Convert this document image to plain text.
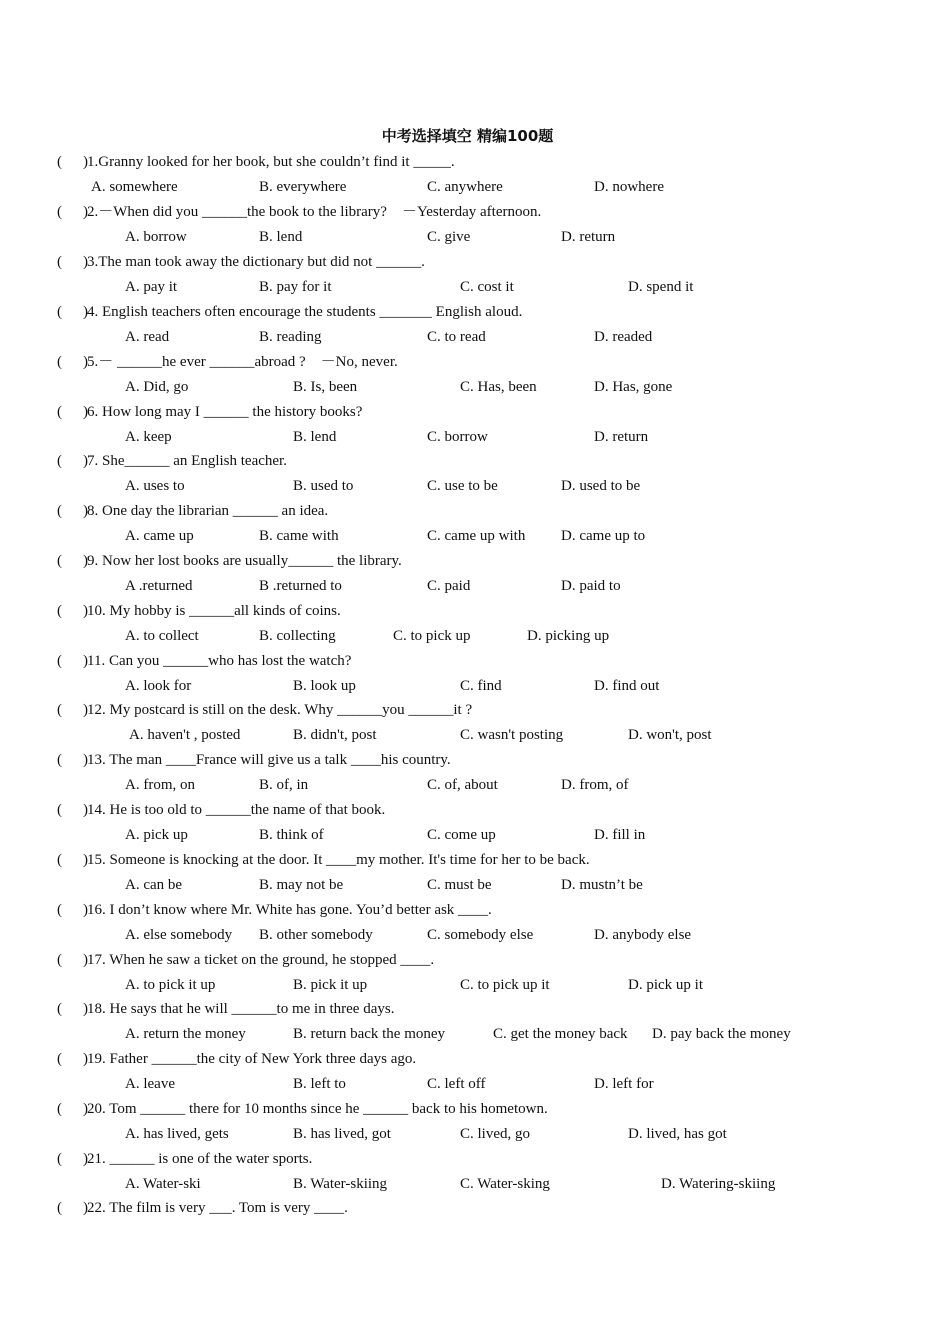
中考选择填空 精编100题
( ) 1.Granny looked for her book, but she couldn’t find it _____.
A. somewhere	B. everywhere	C. anywhere	D. nowhere
( ) 2.－When did you ______the book to the library?　－Yesterday afternoon.
A. borrow	B. lend	C. give	D. return
( ) 3.The man took away the dictionary but did not ______.
A. pay it	B. pay for it	C. cost it	D. spend it
( ) 4. English teachers often encourage the students _______ English aloud.
A. read	B. reading	C. to read	D. readed
( ) 5.－ ______he ever ______abroad ?　－No, never.
A. Did, go	B. Is, been	C. Has, been	D. Has, gone
( ) 6. How long may I ______ the history books?
A. keep	B. lend	C. borrow	D. return
( ) 7. She______ an English teacher.
A. uses to	B. used to	C. use to be	D. used to be
( ) 8. One day the librarian ______ an idea.
A. came up	B. came with	C. came up with D. came up to
( ) 9. Now her lost books are usually______ the library.
A .returned	B .returned to	C. paid	D. paid to
( ) 10. My hobby is ______all kinds of coins.
A. to collect	B. collecting	C. to pick up	D. picking up
( ) 11. Can you ______who has lost the watch?
A. look for	B. look up	C. find	D. find out
( ) 12. My postcard is still on the desk. Why ______you ______it ?
A. haven't , posted	B. didn't, post	C. wasn't posting	D. won't, post
( ) 13. The man ____France will give us a talk ____his country.
A. from, on	B. of, in	C. of, about	D. from, of
( ) 14. He is too old to ______the name of that book.
A. pick up	B. think of	C. come up	D. fill in
( ) 15. Someone is knocking at the door. It ____my mother. It's time for her to be back.
A. can be	B. may not be	C. must be	D. mustn’t be
( ) 16. I don’t know where Mr. White has gone. You’d better ask ____.
A. else somebody B. other somebody	C. somebody else	D. anybody else
( ) 17. When he saw a ticket on the ground, he stopped ____.
A. to pick it up	B. pick it up	C. to pick up it	D. pick up it
( ) 18. He says that he will ______to me in three days.
A. return the money	B. return back the money	C. get the money back D. pay back the money
( ) 19. Father ______the city of New York three days ago.
A. leave	B. left to	C. left off	D. left for
( ) 20. Tom ______ there for 10 months since he ______ back to his hometown.
A. has lived, gets	B. has lived, got	C. lived, go	D. lived, has got
( ) 21. ______ is one of the water sports.
A. Water-ski	B. Water-skiing	C. Water-sking	D. Watering-skiing
( ) 22. The film is very ___. Tom is very ____.
